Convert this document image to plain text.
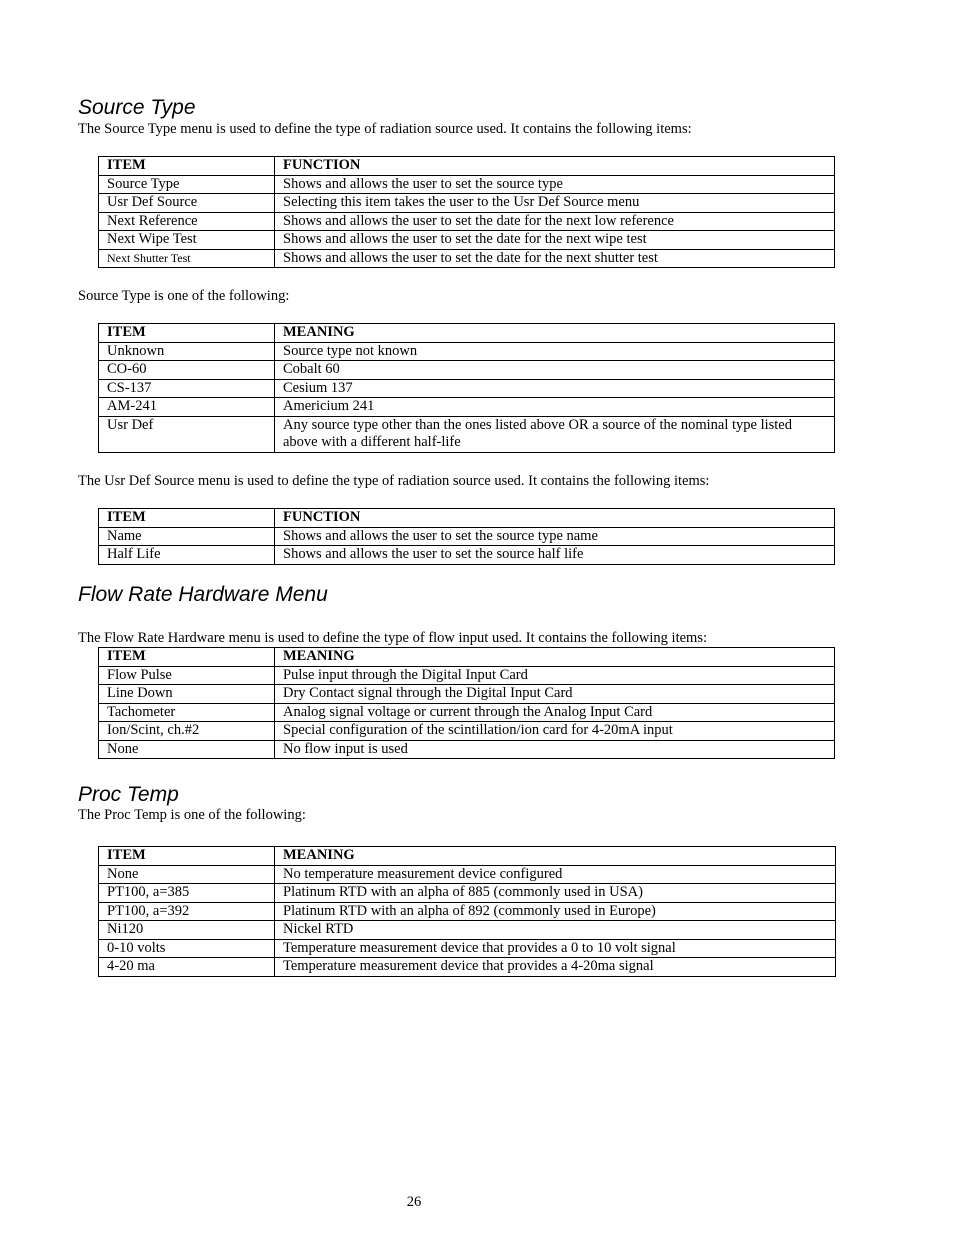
Source Type

The Source Type menu is used to define the type of radiation source used. It contains the following items:

ITEM	FUNCTION
Source Type	Shows and allows the user to set the source type
Usr Def Source	Selecting this item takes the user to the Usr Def Source menu
Next Reference	Shows and allows the user to set the date for the next low reference
Next Wipe Test	Shows and allows the user to set the date for the next wipe test
Next Shutter Test	Shows and allows the user to set the date for the next shutter test

Source Type is one of the following:

ITEM	MEANING
Unknown	Source type not known
CO-60	Cobalt 60
CS-137	Cesium 137
AM-241	Americium 241
Usr Def	Any source type other than the ones listed above OR a source of the nominal type listed above with a different half-life

The Usr Def Source menu is used to define the type of radiation source used. It contains the following items:

ITEM	FUNCTION
Name	Shows and allows the user to set the source type name
Half Life	Shows and allows the user to set the source half life
Flow Rate Hardware Menu

The Flow Rate Hardware menu is used to define the type of flow input used. It contains the following items:

ITEM	MEANING
Flow Pulse	Pulse input through the Digital Input Card
Line Down	Dry Contact signal through the Digital Input Card
Tachometer	Analog signal voltage or current through the Analog Input Card
Ion/Scint, ch.#2	Special configuration of the scintillation/ion card for 4-20mA input
None	No flow input is used
Proc Temp

The Proc Temp is one of the following:

ITEM	MEANING
None	No temperature measurement device configured
PT100, a=385	Platinum RTD with an alpha of 885 (commonly used in USA)
PT100, a=392	Platinum RTD with an alpha of 892 (commonly used in Europe)
Ni120	Nickel RTD
0-10 volts	Temperature measurement device that provides a 0 to 10 volt signal
4-20 ma	Temperature measurement device that provides a 4-20ma signal
26
